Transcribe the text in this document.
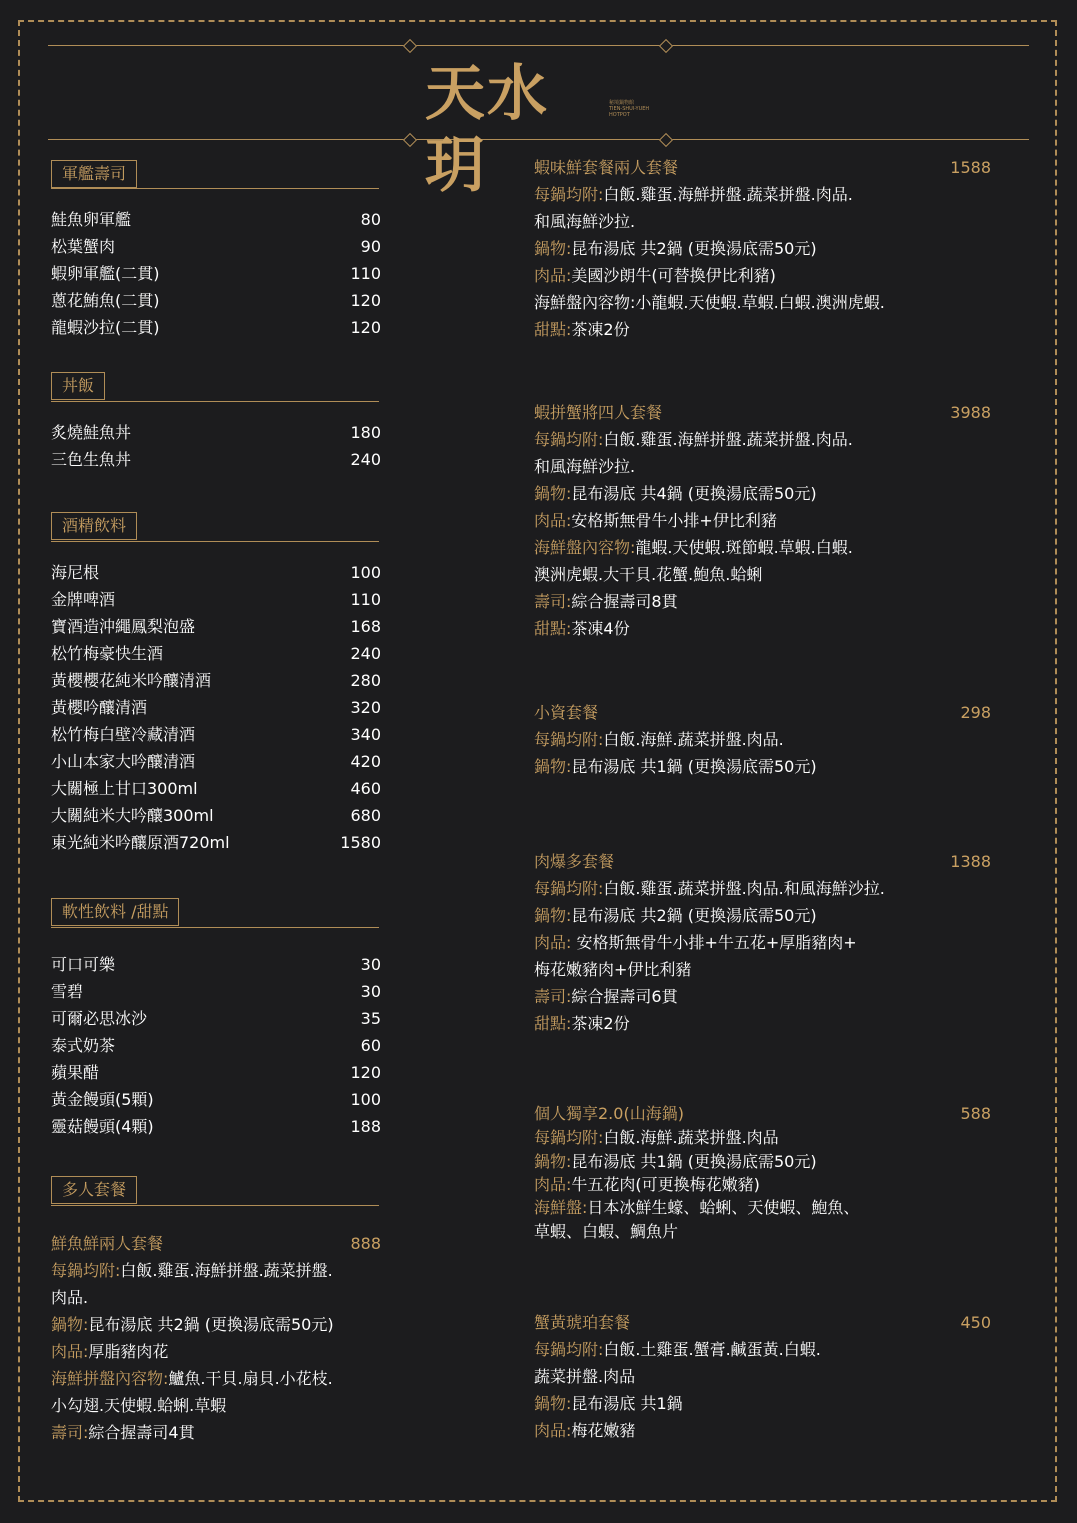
天水玥
秘境鍋物館
TIEN-SHUI-YUEH
HOTPOT
軍艦壽司
鮭魚卵軍艦	80
松葉蟹肉	90
蝦卵軍艦(二貫)	110
蔥花鮪魚(二貫)	120
龍蝦沙拉(二貫)	120
丼飯
炙燒鮭魚丼	180
三色生魚丼	240
酒精飲料
海尼根	100
金牌啤酒	110
寶酒造沖繩鳳梨泡盛	168
松竹梅豪快生酒	240
黃櫻櫻花純米吟釀清酒	280
黃櫻吟釀清酒	320
松竹梅白壁冷藏清酒	340
小山本家大吟釀清酒	420
大關極上甘口300ml	460
大關純米大吟釀300ml	680
東光純米吟釀原酒720ml	1580
軟性飲料 /甜點
可口可樂	30
雪碧	30
可爾必思冰沙	35
泰式奶茶	60
蘋果醋	120
黃金饅頭(5顆)	100
靈菇饅頭(4顆)	188
多人套餐
鮮魚鮮兩人套餐	888
每鍋均附:白飯.雞蛋.海鮮拼盤.蔬菜拼盤.
肉品.
鍋物:昆布湯底 共2鍋 (更換湯底需50元)
肉品:厚脂豬肉花
海鮮拼盤內容物:鱸魚.干貝.扇貝.小花枝.
小勾翅.天使蝦.蛤蜊.草蝦
壽司:綜合握壽司4貫
蝦味鮮套餐兩人套餐	1588
每鍋均附:白飯.雞蛋.海鮮拼盤.蔬菜拼盤.肉品.
和風海鮮沙拉.
鍋物:昆布湯底 共2鍋 (更換湯底需50元)
肉品:美國沙朗牛(可替換伊比利豬)
海鮮盤內容物:小龍蝦.天使蝦.草蝦.白蝦.澳洲虎蝦.
甜點:茶凍2份
蝦拼蟹將四人套餐	3988
每鍋均附:白飯.雞蛋.海鮮拼盤.蔬菜拼盤.肉品.
和風海鮮沙拉.
鍋物:昆布湯底 共4鍋 (更換湯底需50元)
肉品:安格斯無骨牛小排+伊比利豬
海鮮盤內容物:龍蝦.天使蝦.斑節蝦.草蝦.白蝦.
澳洲虎蝦.大干貝.花蟹.鮑魚.蛤蜊
壽司:綜合握壽司8貫
甜點:茶凍4份
小資套餐	298
每鍋均附:白飯.海鮮.蔬菜拼盤.肉品.
鍋物:昆布湯底 共1鍋 (更換湯底需50元)
肉爆多套餐	1388
每鍋均附:白飯.雞蛋.蔬菜拼盤.肉品.和風海鮮沙拉.
鍋物:昆布湯底 共2鍋 (更換湯底需50元)
肉品: 安格斯無骨牛小排+牛五花+厚脂豬肉+
梅花嫩豬肉+伊比利豬
壽司:綜合握壽司6貫
甜點:茶凍2份
個人獨享2.0(山海鍋)	588
每鍋均附:白飯.海鮮.蔬菜拼盤.肉品
鍋物:昆布湯底 共1鍋 (更換湯底需50元)
肉品:牛五花肉(可更換梅花嫩豬)
海鮮盤:日本冰鮮生蠔、蛤蜊、天使蝦、鮑魚、
草蝦、白蝦、鯛魚片
蟹黃琥珀套餐	450
每鍋均附:白飯.土雞蛋.蟹膏.鹹蛋黃.白蝦.
蔬菜拼盤.肉品
鍋物:昆布湯底 共1鍋
肉品:梅花嫩豬
